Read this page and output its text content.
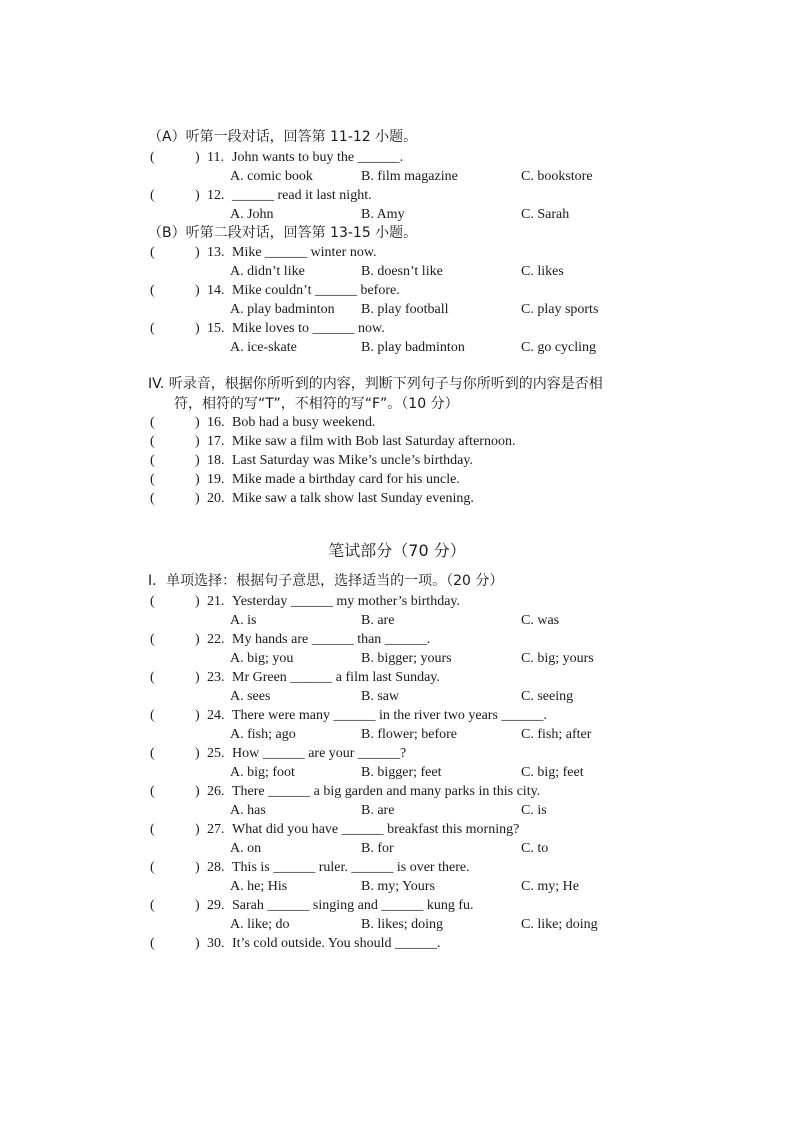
（A）听第一段对话，回答第 11-12 小题。
(	) 11. John wants to buy the ______.
A. comic book	B. film magazine	C. bookstore
(	) 12. ______ read it last night.
A. John	B. Amy	C. Sarah
（B）听第二段对话，回答第 13-15 小题。
(	) 13. Mike ______ winter now.
A. didn’t like	B. doesn’t like	C. likes
(	) 14. Mike couldn’t ______ before.
A. play badminton B. play football	C. play sports
(	) 15. Mike loves to ______ now.
A. ice-skate	B. play badminton	C. go cycling
IV. 听录音，根据你所听到的内容，判断下列句子与你所听到的内容是否相
符，相符的写“T”，不相符的写“F”。（10 分）
(	) 16. Bob had a busy weekend.
(	) 17. Mike saw a film with Bob last Saturday afternoon.
(	) 18. Last Saturday was Mike’s uncle’s birthday.
(	) 19. Mike made a birthday card for his uncle.
(	) 20. Mike saw a talk show last Sunday evening.
笔试部分（70 分）
I．单项选择：根据句子意思，选择适当的一项。（20 分）
(	) 21. Yesterday ______ my mother’s birthday.
A. is	B. are	C. was
(	) 22. My hands are ______ than ______.
A. big; you	B. bigger; yours	C. big; yours
(	) 23. Mr Green ______ a film last Sunday.
A. sees	B. saw	C. seeing
(	) 24. There were many ______ in the river two years ______.
A. fish; ago	B. flower; before	C. fish; after
(	) 25. How ______ are your ______?
A. big; foot	B. bigger; feet	C. big; feet
(	) 26. There ______ a big garden and many parks in this city.
A. has	B. are	C. is
(	) 27. What did you have ______ breakfast this morning?
A. on	B. for	C. to
(	) 28. This is ______ ruler. ______ is over there.
A. he; His	B. my; Yours	C. my; He
(	) 29. Sarah ______ singing and ______ kung fu.
A. like; do	B. likes; doing	C. like; doing
(	) 30. It’s cold outside. You should ______.
